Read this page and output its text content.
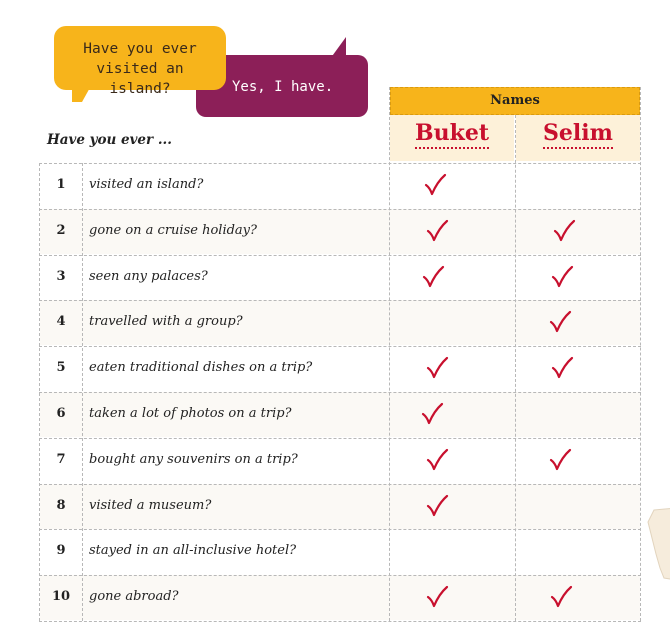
Yes, I have.
Have you ever
visited an island?
Have you ever ...
Names
Buket	Selim
1	visited an island?
2	gone on a cruise holiday?
3	seen any palaces?
4	travelled with a group?
5	eaten traditional dishes on a trip?
6	taken a lot of photos on a trip?
7	bought any souvenirs on a trip?
8	visited a museum?
9	stayed in an all-inclusive hotel?
10	gone abroad?
